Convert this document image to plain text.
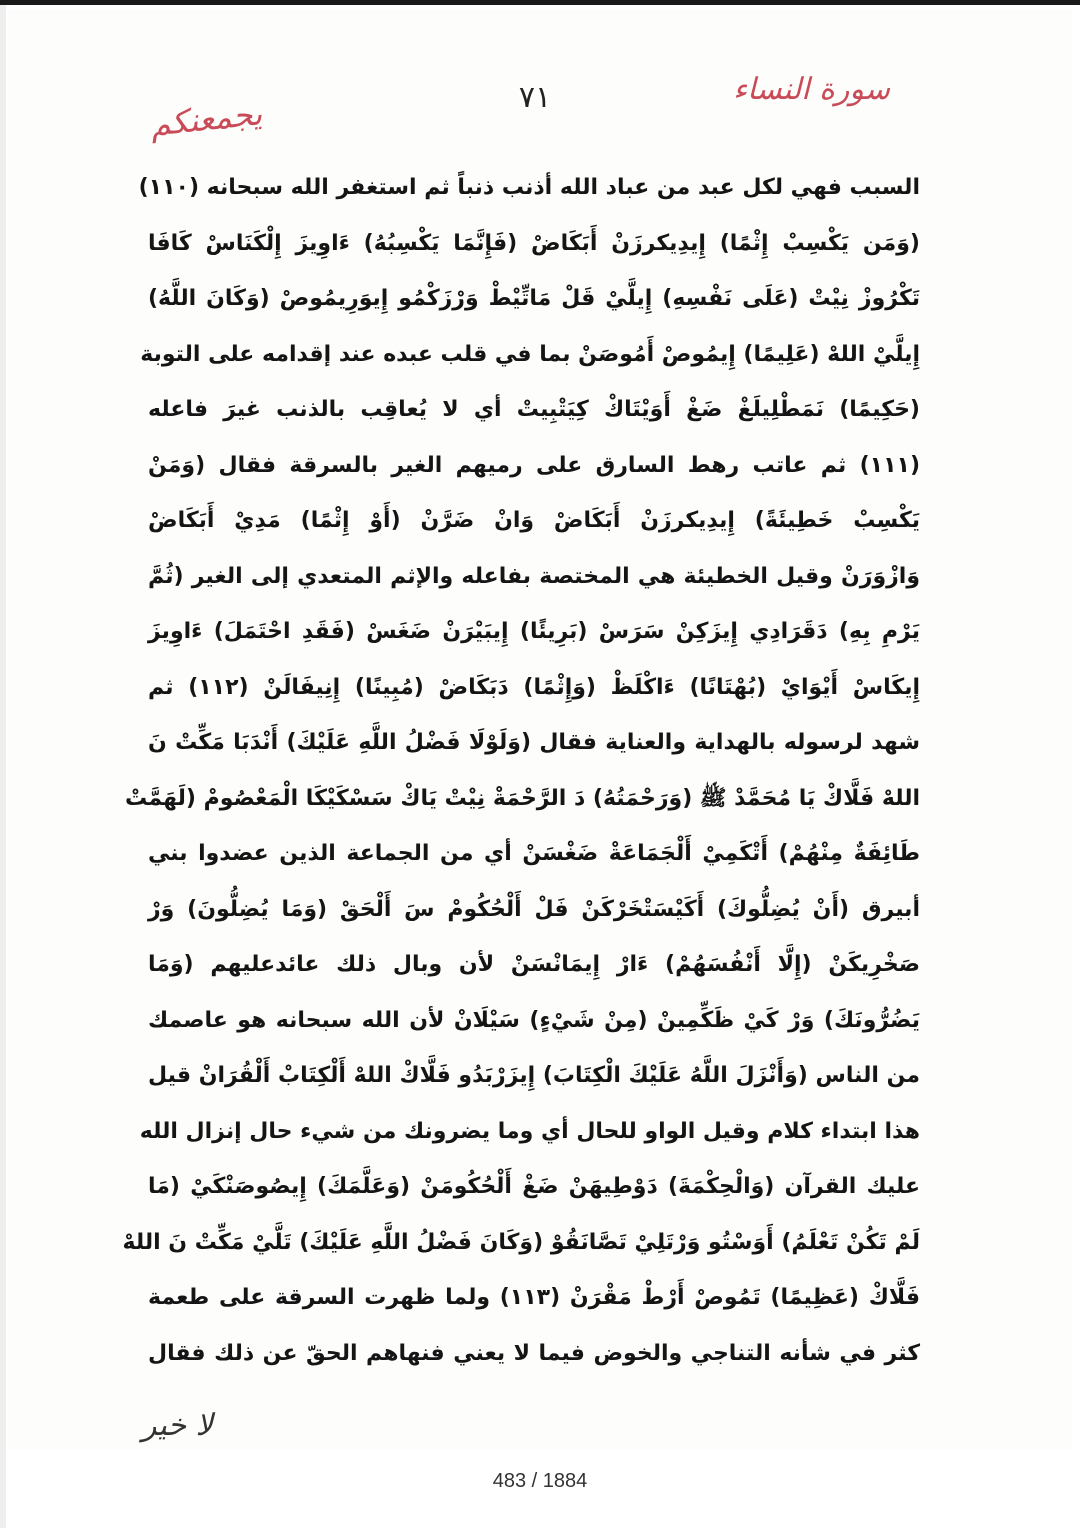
سورة النساء
٧١
يجمعنكم
السبب فهي لكل عبد من عباد الله أذنب ذنباً ثم استغفر الله سبحانه (١١٠)
(وَمَن يَكْسِبْ إِثْمًا) إِيدِيكرزَنْ أَبَكَاضْ (فَإِنَّمَا يَكْسِبُهُ) ءَاوِيزَ إِلْكَنَاسْ كَافَا
تَكْرُوزْ نِيْتْ (عَلَى نَفْسِهِ) إِيلَّيْ قَلْ مَاتِّيْطْ وَرْزَكْمُو إِيوَرِيمُوصْ (وَكَانَ اللَّهُ)
إِيلَّيْ اللهْ (عَلِيمًا) إِيمُوصْ أَمُوصَنْ بما في قلب عبده عند إقدامه على التوبة
(حَكِيمًا) نَمَطْلِيلَغْ ضَغْ أَوَيْتَاكْ كِيَتْبِيتْ أي لا يُعاقِب بالذنب غيرَ فاعله
(١١١) ثم عاتب رهط السارق على رميهم الغير بالسرقة فقال (وَمَنْ
يَكْسِبْ خَطِيئَةً) إِيدِيكرزَنْ أَبَكَاضْ وَانْ ضَرَّنْ (أَوْ إِثْمًا) مَدِيْ أَبَكَاضْ
وَازْوَرَنْ وقيل الخطيئة هي المختصة بفاعله والإثم المتعدي إلى الغير (ثُمَّ
يَرْمِ بِهِ) دَقَرَادِي إِيزَكِنْ سَرَسْ (بَرِيئًا) إِيبَيْرَنْ ضَغَسْ (فَقَدِ احْتَمَلَ) ءَاوِيزَ
إِيكَاسْ أَيْوَايْ (بُهْتَانًا) ءَاكْلَظْ (وَإِثْمًا) دَبَكَاضْ (مُبِينًا) إِنِيفَالَنْ (١١٢) ثم
شهد لرسوله بالهداية والعناية فقال (وَلَوْلَا فَضْلُ اللَّهِ عَلَيْكَ) أَنْدَبَا مَكِّتْ نَ
اللهْ فَلَّاكْ يَا مُحَمَّدْ ﷺ (وَرَحْمَتُهُ) دَ الرَّحْمَةْ نِيْتْ يَاكْ سَسْكَيْكَا الْمَعْصُومْ (لَهَمَّتْ
طَائِفَةٌ مِنْهُمْ) أَتْكَمِيْ أَلْجَمَاعَةْ ضَغْسَنْ أي من الجماعة الذين عضدوا بني
أبيرق (أَنْ يُضِلُّوكَ) أَكَيْسَتْخَرْكَنْ فَلْ أَلْحُكُومْ سَ أَلْحَقْ (وَمَا يُضِلُّونَ) وَرْ
صَخْرِيكَنْ (إِلَّا أَنْفُسَهُمْ) ءَارْ إِيمَانْسَنْ لأن وبال ذلك عائدعليهم (وَمَا
يَضُرُّونَكَ) وَرْ كَيْ ظَكِّمِينْ (مِنْ شَيْءٍ) سَيْلَانْ لأن الله سبحانه هو عاصمك
من الناس (وَأَنْزَلَ اللَّهُ عَلَيْكَ الْكِتَابَ) إِيزَرْبَدُو فَلَّاكْ اللهْ أَلْكِتَابْ أَلْقُرَانْ قيل
هذا ابتداء كلام وقيل الواو للحال أي وما يضرونك من شيء حال إنزال الله
عليك القرآن (وَالْحِكْمَةَ) دَوْطِيهَنْ ضَغْ أَلْحُكُومَنْ (وَعَلَّمَكَ) إِيصُوصَنْكَيْ (مَا
لَمْ تَكُنْ تَعْلَمُ) أَوَسْتُو وَرْتَلِيْ تَصَّانَقُوْ (وَكَانَ فَضْلُ اللَّهِ عَلَيْكَ) تَلَّيْ مَكِّتْ نَ اللهْ
فَلَّاكْ (عَظِيمًا) تَمُوصْ أَرْطْ مَقْرَنْ (١١٣) ولما ظهرت السرقة على طعمة
كثر في شأنه التناجي والخوض فيما لا يعني فنهاهم الحقّ عن ذلك فقال
لا خير
483 / 1884
